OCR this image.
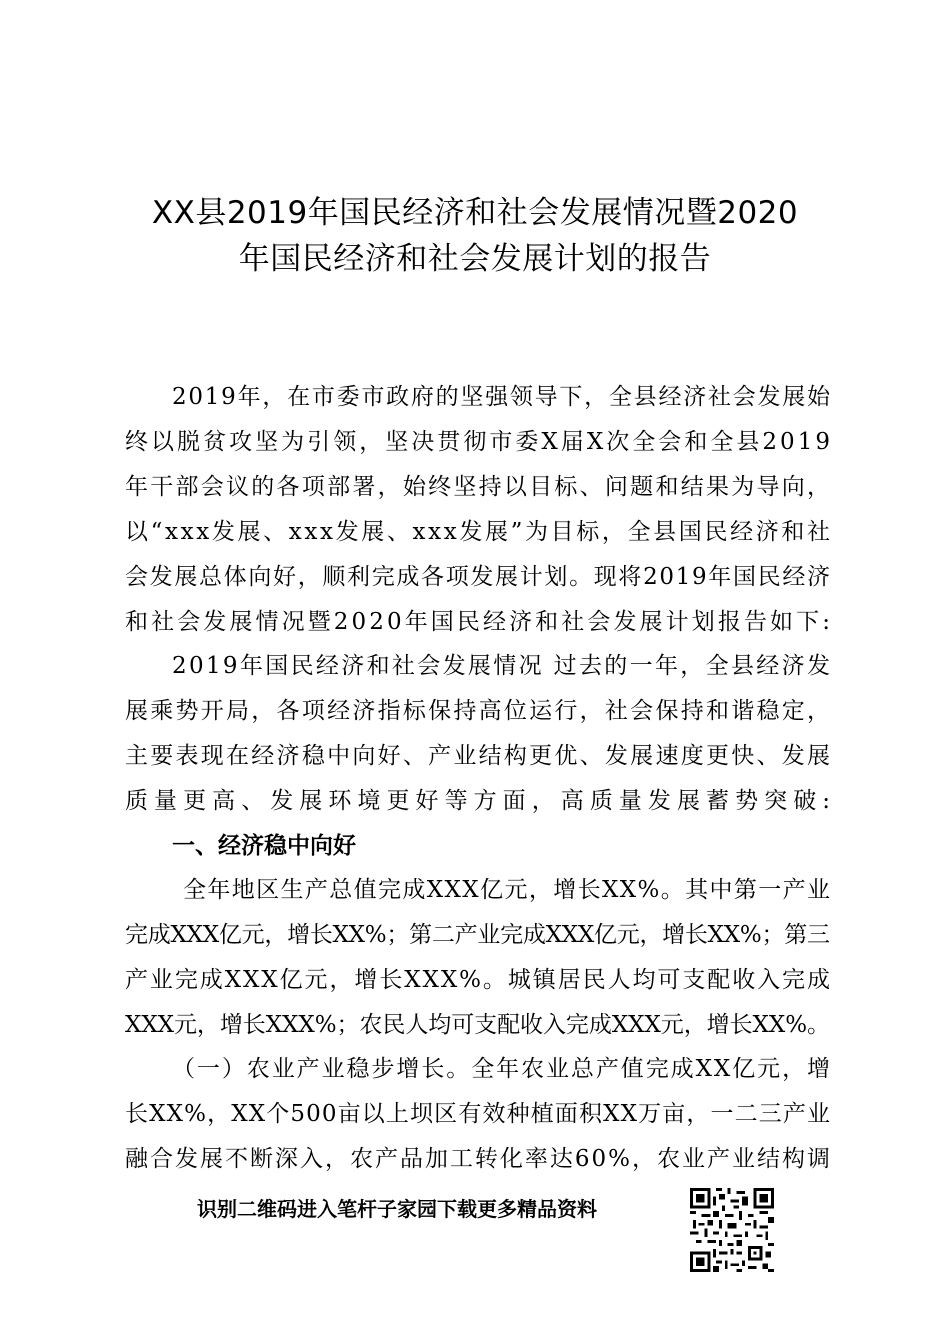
XX县2019年国民经济和社会发展情况暨2020
年国民经济和社会发展计划的报告
2019年，在市委市政府的坚强领导下，全县经济社会发展始
终以脱贫攻坚为引领，坚决贯彻市委X届X次全会和全县2019
年干部会议的各项部署，始终坚持以目标、问题和结果为导向，
以“xxx发展、xxx发展、xxx发展”为目标，全县国民经济和社
会发展总体向好，顺利完成各项发展计划。现将2019年国民经济
和社会发展情况暨2020年国民经济和社会发展计划报告如下:
2019年国民经济和社会发展情况 过去的一年，全县经济发
展乘势开局，各项经济指标保持高位运行，社会保持和谐稳定，
主要表现在经济稳中向好、产业结构更优、发展速度更快、发展
质量更高、发展环境更好等方面，高质量发展蓄势突破:
一、经济稳中向好
全年地区生产总值完成XXX亿元，增长XX%。其中第一产业
完成XXX亿元，增长XX%；第二产业完成XXX亿元，增长XX%；第三
产业完成XXX亿元，增长XXX%。城镇居民人均可支配收入完成
XXX元，增长XXX%；农民人均可支配收入完成XXX元，增长XX%。
（一）农业产业稳步增长。全年农业总产值完成XX亿元，增
长XX%，XX个500亩以上坝区有效种植面积XX万亩，一二三产业
融合发展不断深入，农产品加工转化率达60%，农业产业结构调
识别二维码进入笔杆子家园下载更多精品资料
